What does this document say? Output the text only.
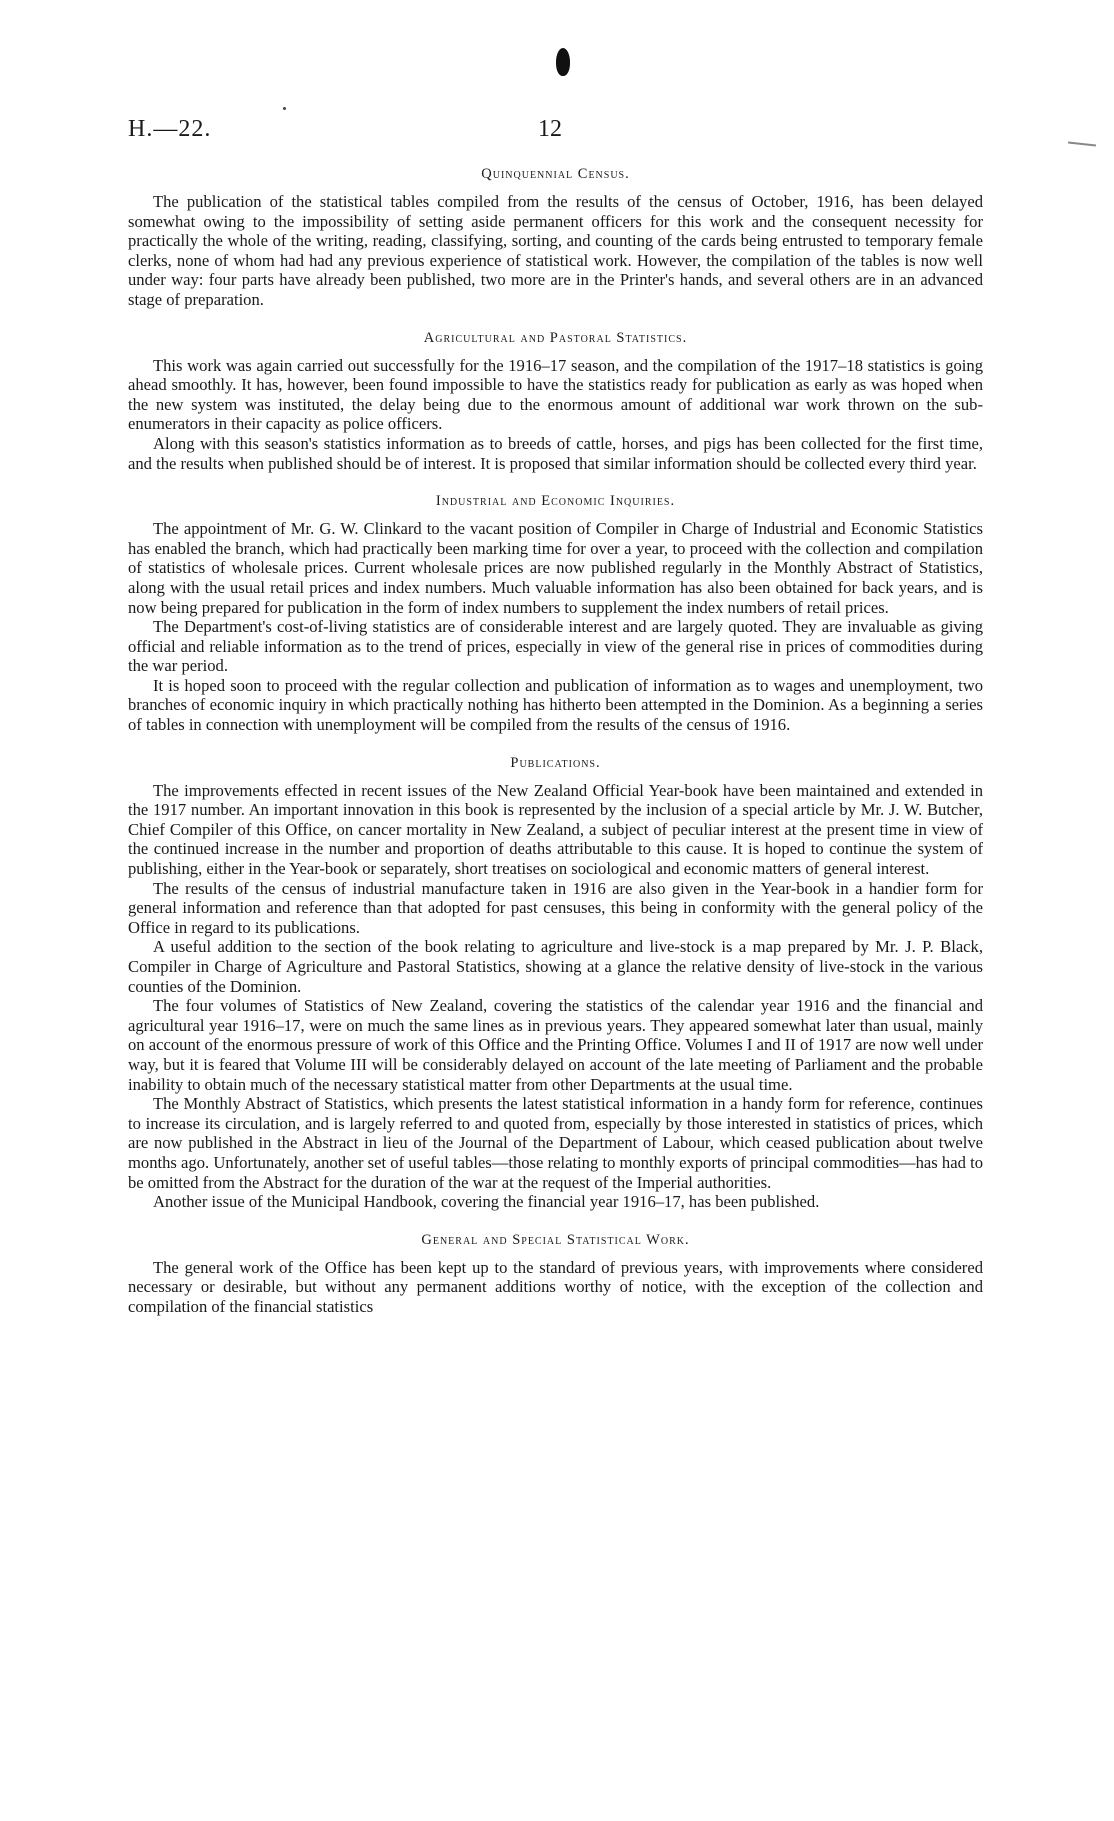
H.—22.	12
Quinquennial Census.

The publication of the statistical tables compiled from the results of the census of October, 1916, has been delayed somewhat owing to the impossibility of setting aside permanent officers for this work and the consequent necessity for practically the whole of the writing, reading, classifying, sorting, and counting of the cards being entrusted to temporary female clerks, none of whom had had any previous experience of statistical work. However, the compilation of the tables is now well under way: four parts have already been published, two more are in the Printer's hands, and several others are in an advanced stage of preparation.

Agricultural and Pastoral Statistics.

This work was again carried out successfully for the 1916–17 season, and the compilation of the 1917–18 statistics is going ahead smoothly. It has, however, been found impossible to have the statistics ready for publication as early as was hoped when the new system was instituted, the delay being due to the enormous amount of additional war work thrown on the sub-enumerators in their capacity as police officers.

Along with this season's statistics information as to breeds of cattle, horses, and pigs has been collected for the first time, and the results when published should be of interest. It is proposed that similar information should be collected every third year.

Industrial and Economic Inquiries.

The appointment of Mr. G. W. Clinkard to the vacant position of Compiler in Charge of Industrial and Economic Statistics has enabled the branch, which had practically been marking time for over a year, to proceed with the collection and compilation of statistics of wholesale prices. Current wholesale prices are now published regularly in the Monthly Abstract of Statistics, along with the usual retail prices and index numbers. Much valuable information has also been obtained for back years, and is now being prepared for publication in the form of index numbers to supplement the index numbers of retail prices.

The Department's cost-of-living statistics are of considerable interest and are largely quoted. They are invaluable as giving official and reliable information as to the trend of prices, especially in view of the general rise in prices of commodities during the war period.

It is hoped soon to proceed with the regular collection and publication of information as to wages and unemployment, two branches of economic inquiry in which practically nothing has hitherto been attempted in the Dominion. As a beginning a series of tables in connection with unemployment will be compiled from the results of the census of 1916.

Publications.

The improvements effected in recent issues of the New Zealand Official Year-book have been maintained and extended in the 1917 number. An important innovation in this book is represented by the inclusion of a special article by Mr. J. W. Butcher, Chief Compiler of this Office, on cancer mortality in New Zealand, a subject of peculiar interest at the present time in view of the continued increase in the number and proportion of deaths attributable to this cause. It is hoped to continue the system of publishing, either in the Year-book or separately, short treatises on sociological and economic matters of general interest.

The results of the census of industrial manufacture taken in 1916 are also given in the Year-book in a handier form for general information and reference than that adopted for past censuses, this being in conformity with the general policy of the Office in regard to its publications.

A useful addition to the section of the book relating to agriculture and live-stock is a map prepared by Mr. J. P. Black, Compiler in Charge of Agriculture and Pastoral Statistics, showing at a glance the relative density of live-stock in the various counties of the Dominion.

The four volumes of Statistics of New Zealand, covering the statistics of the calendar year 1916 and the financial and agricultural year 1916–17, were on much the same lines as in previous years. They appeared somewhat later than usual, mainly on account of the enormous pressure of work of this Office and the Printing Office. Volumes I and II of 1917 are now well under way, but it is feared that Volume III will be considerably delayed on account of the late meeting of Parliament and the probable inability to obtain much of the necessary statistical matter from other Departments at the usual time.

The Monthly Abstract of Statistics, which presents the latest statistical information in a handy form for reference, continues to increase its circulation, and is largely referred to and quoted from, especially by those interested in statistics of prices, which are now published in the Abstract in lieu of the Journal of the Department of Labour, which ceased publication about twelve months ago. Unfortunately, another set of useful tables—those relating to monthly exports of principal commodities—has had to be omitted from the Abstract for the duration of the war at the request of the Imperial authorities.

Another issue of the Municipal Handbook, covering the financial year 1916–17, has been published.

General and Special Statistical Work.

The general work of the Office has been kept up to the standard of previous years, with improvements where considered necessary or desirable, but without any permanent additions worthy of notice, with the exception of the collection and compilation of the financial statistics
